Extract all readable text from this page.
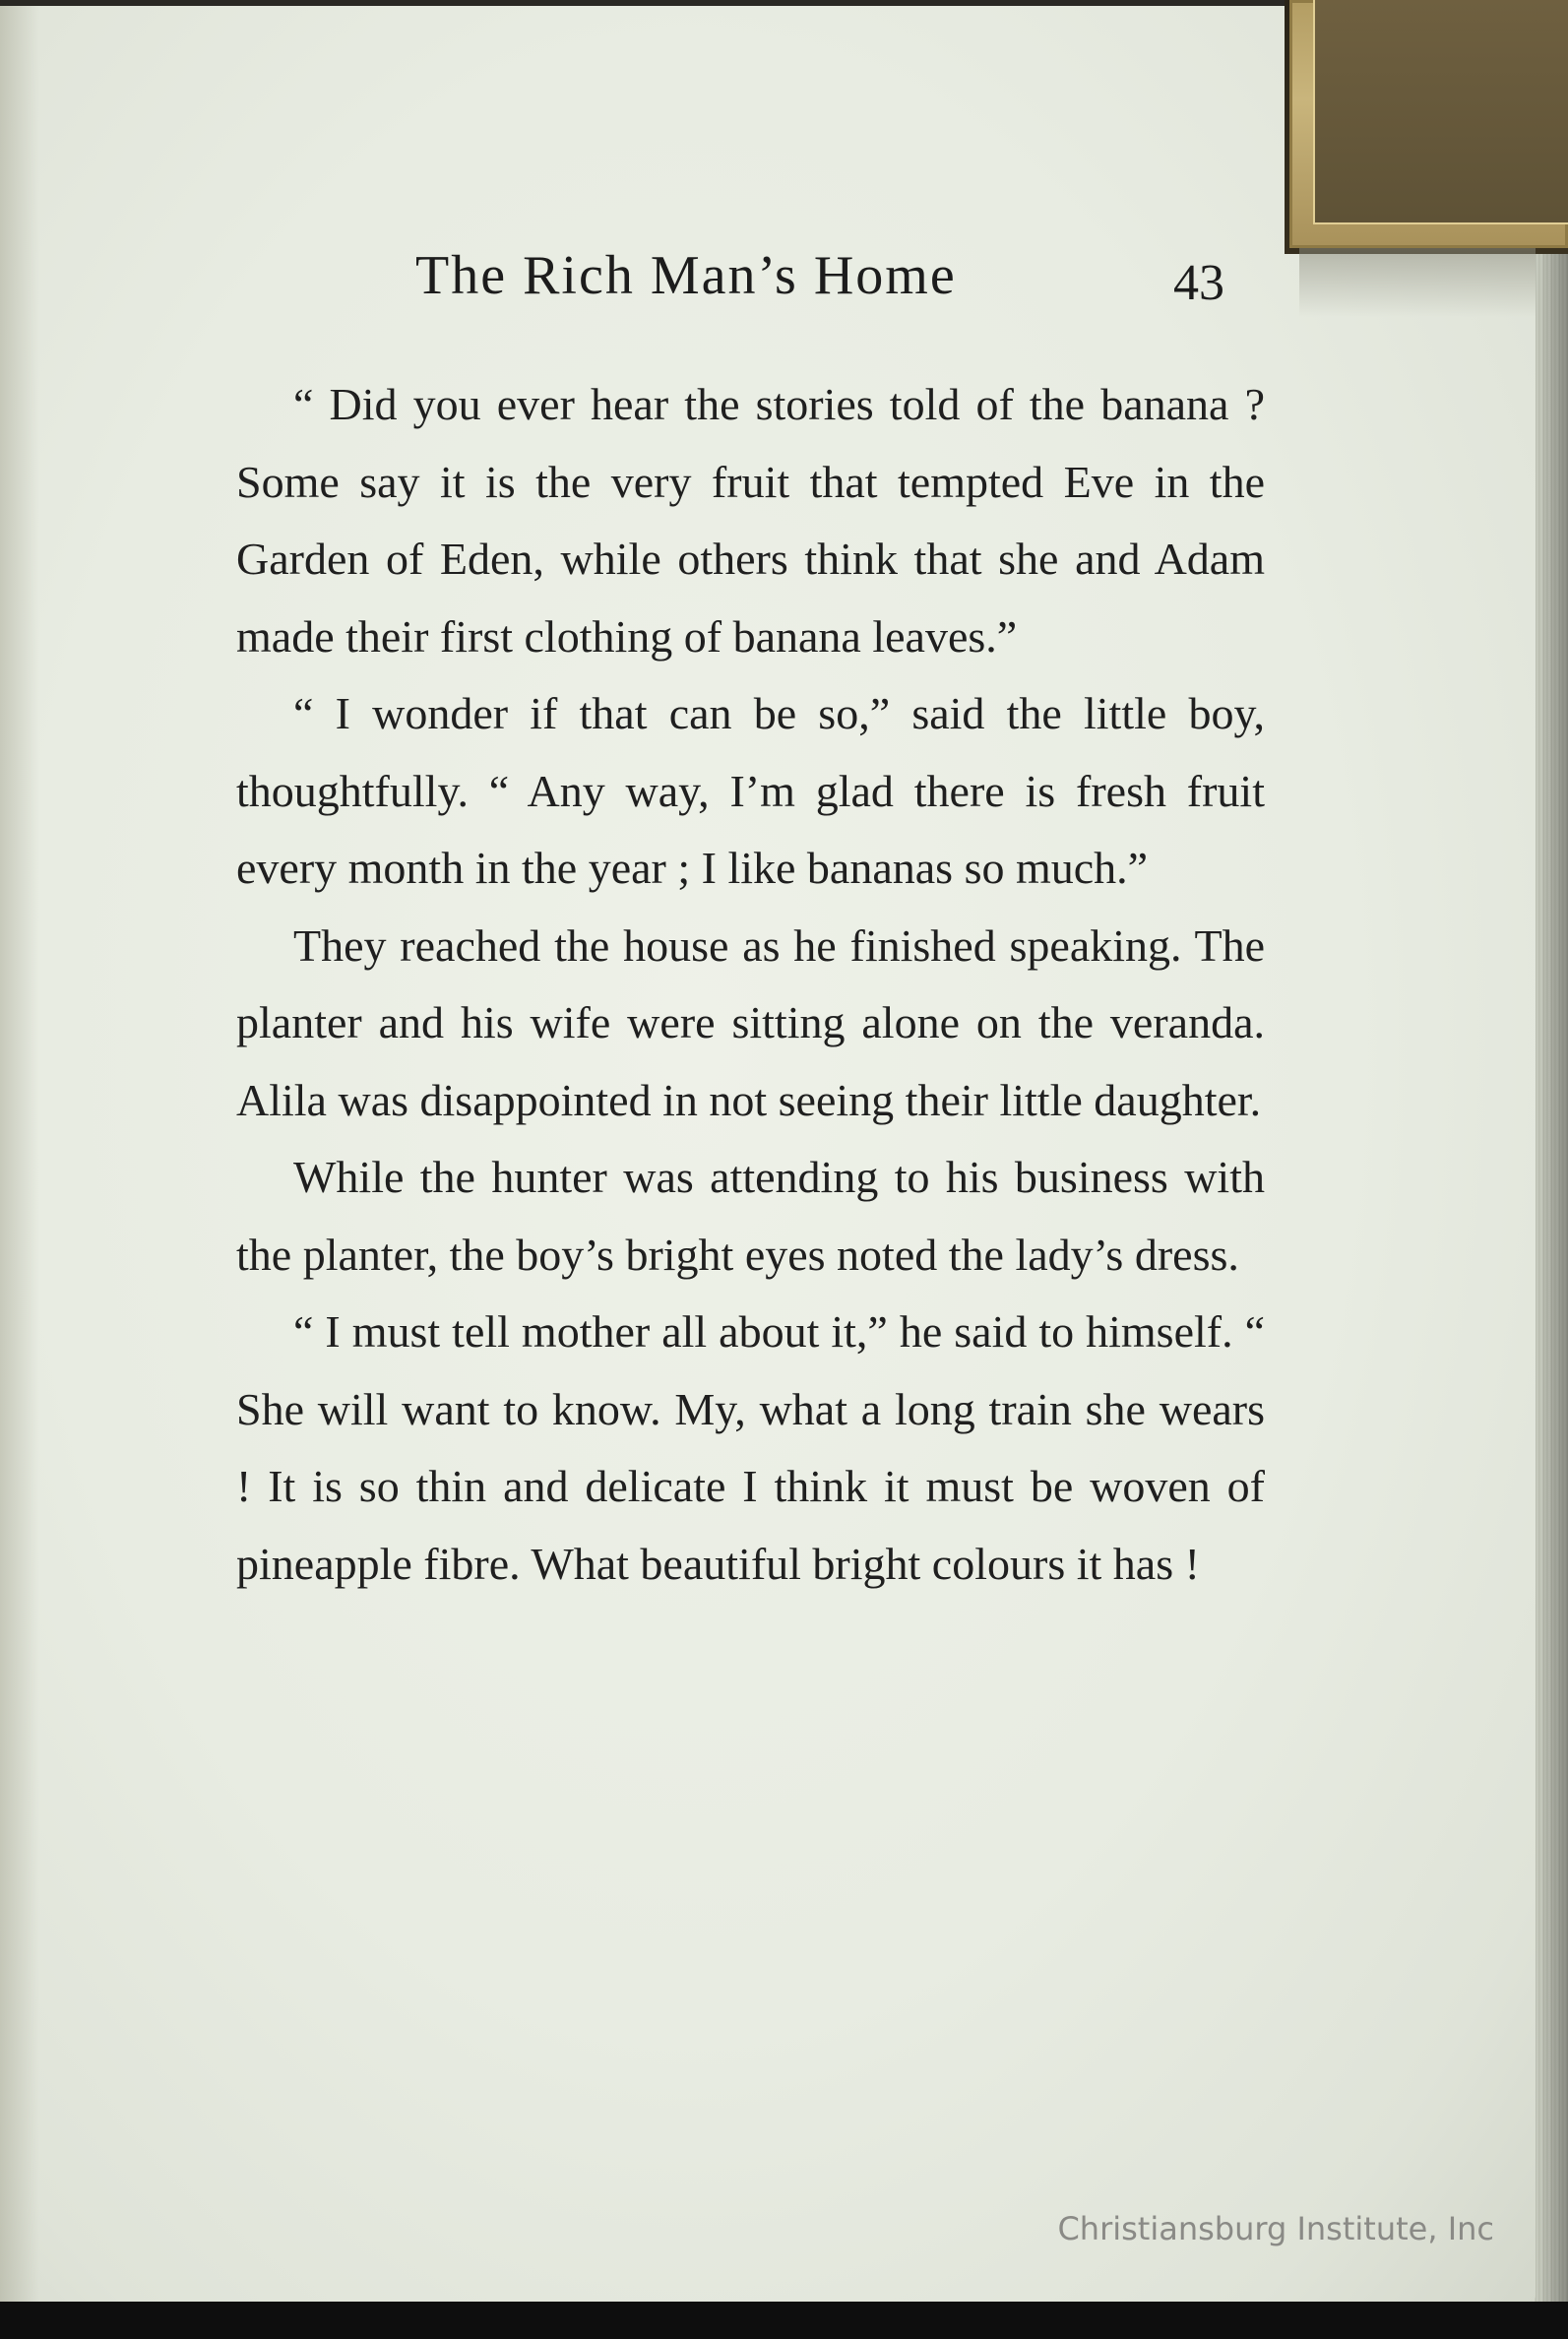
The Rich Man’s Home	43

“ Did you ever hear the stories told of the banana ? Some say it is the very fruit that tempted Eve in the Garden of Eden, while others think that she and Adam made their first clothing of banana leaves.”

“ I wonder if that can be so,” said the little boy, thoughtfully. “ Any way, I’m glad there is fresh fruit every month in the year ; I like bananas so much.”

They reached the house as he finished speaking. The planter and his wife were sitting alone on the veranda. Alila was disappointed in not seeing their little daughter.

While the hunter was attending to his business with the planter, the boy’s bright eyes noted the lady’s dress.

“ I must tell mother all about it,” he said to himself. “ She will want to know. My, what a long train she wears ! It is so thin and delicate I think it must be woven of pineapple fibre. What beautiful bright colours it has !

Christiansburg Institute, Inc
